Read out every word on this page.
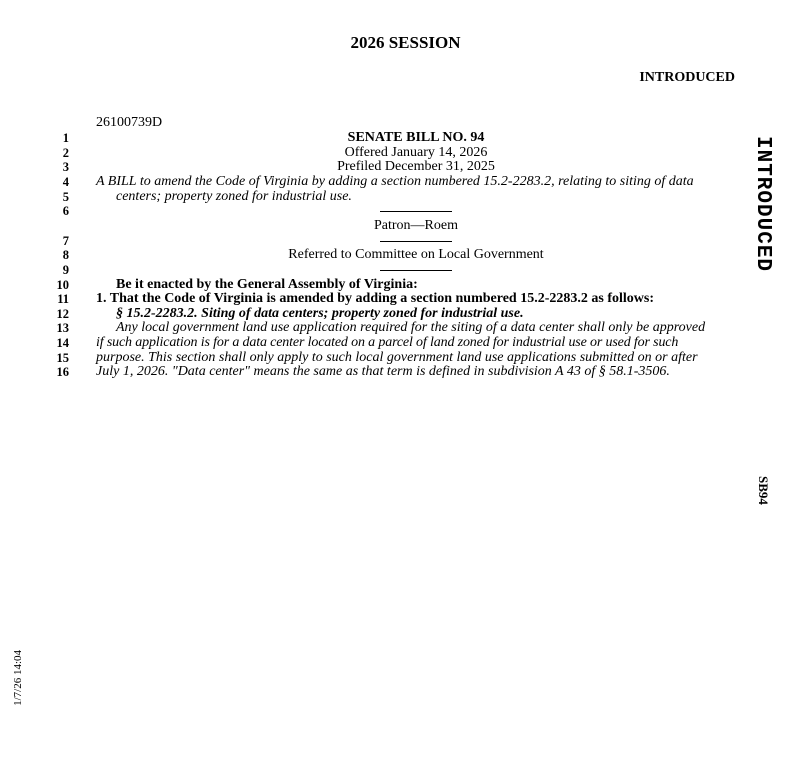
2026 SESSION
INTRODUCED
26100739D
1
2
3
4
5
6
7
8
9
10
11
12
13
14
15
16
SENATE BILL NO. 94
Offered January 14, 2026
Prefiled December 31, 2025
A BILL to amend the Code of Virginia by adding a section numbered 15.2-2283.2, relating to siting of data
centers; property zoned for industrial use.
Patron—Roem
Referred to Committee on Local Government
Be it enacted by the General Assembly of Virginia:
1. That the Code of Virginia is amended by adding a section numbered 15.2-2283.2 as follows:
§ 15.2-2283.2. Siting of data centers; property zoned for industrial use.
Any local government land use application required for the siting of a data center shall only be approved
if such application is for a data center located on a parcel of land zoned for industrial use or used for such
purpose. This section shall only apply to such local government land use applications submitted on or after
July 1, 2026. "Data center" means the same as that term is defined in subdivision A 43 of § 58.1-3506.
INTRODUCED
SB94
1/7/26 14:04
